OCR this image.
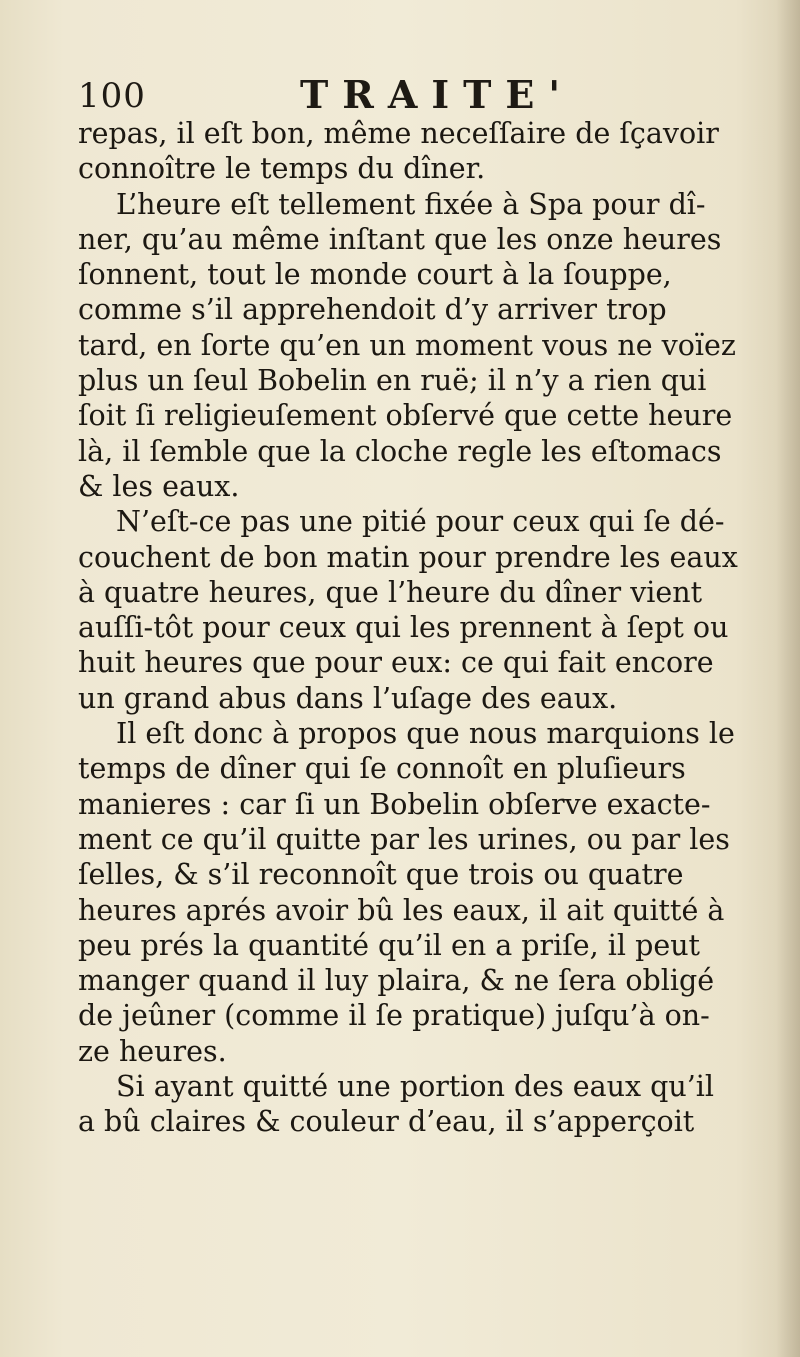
100	TRAITE'
repas, il eſt bon, même neceſſaire de ſçavoir
connoître le temps du dîner.
L’heure eſt tellement fixée à Spa pour dî-
ner, qu’au même inſtant que les onze heures
ſonnent, tout le monde court à la ſouppe,
comme s’il apprehendoit d’y arriver trop
tard, en ſorte qu’en un moment vous ne voïez
plus un ſeul Bobelin en ruë; il n’y a rien qui
ſoit ſi religieuſement obſervé que cette heure
là, il ſemble que la cloche regle les eſtomacs
& les eaux.
N’eſt-ce pas une pitié pour ceux qui ſe dé-
couchent de bon matin pour prendre les eaux
à quatre heures, que l’heure du dîner vient
auſſi-tôt pour ceux qui les prennent à ſept ou
huit heures que pour eux: ce qui fait encore
un grand abus dans l’uſage des eaux.
Il eſt donc à propos que nous marquions le
temps de dîner qui ſe connoît en pluſieurs
manieres : car ſi un Bobelin obſerve exacte-
ment ce qu’il quitte par les urines, ou par les
ſelles, & s’il reconnoît que trois ou quatre
heures aprés avoir bû les eaux, il ait quitté à
peu prés la quantité qu’il en a priſe, il peut
manger quand il luy plaira, & ne ſera obligé
de jeûner (comme il ſe pratique) juſqu’à on-
ze heures.
Si ayant quitté une portion des eaux qu’il
a bû claires & couleur d’eau, il s’apperçoit
